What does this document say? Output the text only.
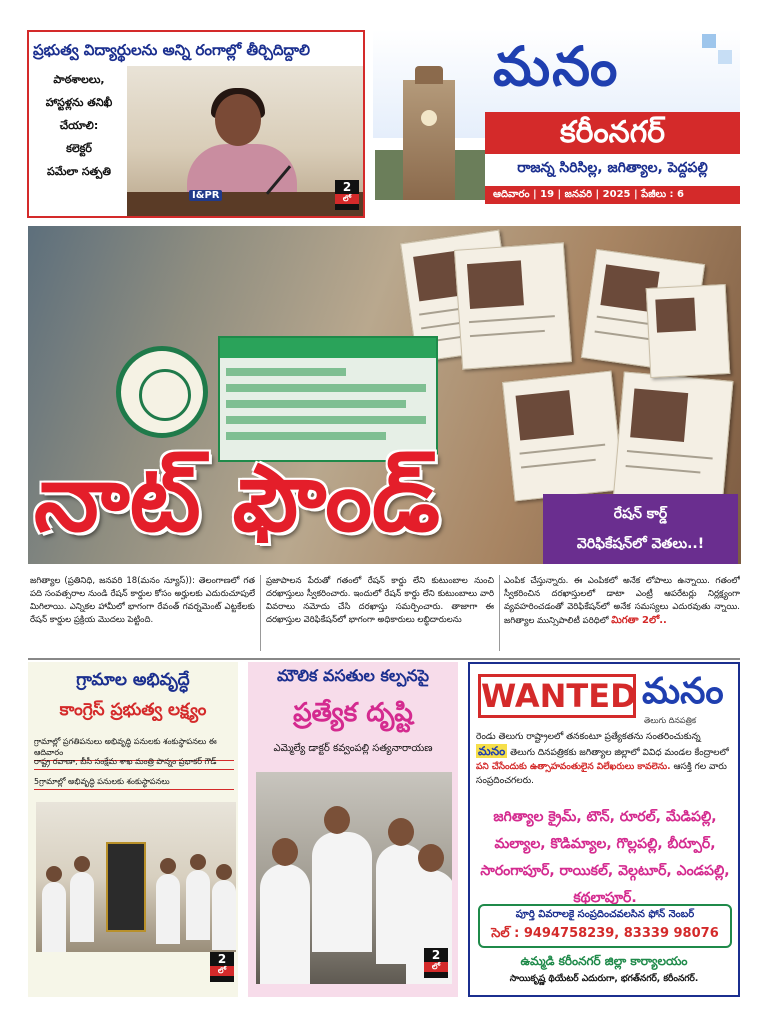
ప్రభుత్వ విద్యార్థులను అన్ని రంగాల్లో తీర్చిదిద్దాలి
పాఠశాలలు,
హాస్టళ్లను తనిఖీ
చేయాలి:
కలెక్టర్
పమేలా సత్పతి
I&PR
2
లో
మనం
కరీంనగర్
రాజన్న సిరిసిల్ల, జగిత్యాల, పెద్దపల్లి
ఆదివారం | 19 | జనవరి | 2025 | పేజీలు : 6
నాట్ ఫౌండ్	రేషన్ కార్డ్
వెరిఫికేషన్‌లో వెతలు..!
జగిత్యాల (ప్రతినిధి, జనవరి 18(మనం న్యూస్)): తెలంగాణలో గత పది సంవత్సరాల నుండి రేషన్ కార్డుల కోసం అర్హులకు ఎదురుచూపులే మిగిలాయి. ఎన్నికల హామీలో భాగంగా రేవంత్ గవర్నమెంట్ ఎట్టకేలకు రేషన్ కార్డుల ప్రక్రియ మొదలు పెట్టింది.
ప్రజాపాలన పేరుతో గతంలో రేషన్ కార్డు లేని కుటుంబాల నుంచి దరఖాస్తులు స్వీకరించారు. ఇందులో రేషన్ కార్డు లేని కుటుంబాలు వారి వివరాలు నమోదు చేసి దరఖాస్తు సమర్పించారు. తాజాగా ఈ దరఖాస్తుల వెరిఫికేషన్‌లో భాగంగా అధికారులు లబ్ధిదారులను
ఎంపిక చేస్తున్నారు. ఈ ఎంపికలో అనేక లోపాలు ఉన్నాయి. గతంలో స్వీకరించిన దరఖాస్తులలో డాటా ఎంట్రీ ఆపరేటర్లు నిర్లక్ష్యంగా వ్యవహరించడంతో వెరిఫికేషన్‌లో అనేక సమస్యలు ఎదురవుతు న్నాయి. జగిత్యాల మున్సిపాలిటీ పరిధిలో మిగతా 2లో..
గ్రామాల అభివృద్ధే
కాంగ్రెస్ ప్రభుత్వ లక్ష్యం
గ్రామాల్లో ప్రగతిపనులు అభివృద్ధి పనులకు శంకుస్థాపనలు ఈ ఆదివారం
రాష్ట్ర రవాణా, బీసీ సంక్షేమ శాఖ మంత్రి పొన్నం ప్రభాకర్ గౌడ్
5గ్రామాల్లో అభివృద్ధి పనులకు శంకుస్థాపనలు
2
లో
మౌలిక వసతుల కల్పనపై
ప్రత్యేక దృష్టి
ఎమ్మెల్యే డాక్టర్ కవ్వంపల్లి సత్యనారాయణ
2
లో
WANTED మనం
తెలుగు దినపత్రిక
రెండు తెలుగు రాష్ట్రాలలో తనకంటూ ప్రత్యేకతను సంతరించుకున్న మనం తెలుగు దినపత్రికకు జగిత్యాల జిల్లాలో వివిధ మండల కేంద్రాలలో పని చేసేందుకు ఉత్సాహవంతులైన విలేఖరులు కావలెను. ఆసక్తి గల వారు సంప్రదించగలరు.
జగిత్యాల క్రైమ్, టౌన్, రూరల్, మేడిపల్లి, మల్యాల, కొడిమ్యాల, గొల్లపల్లి, బీర్పూర్, సారంగాపూర్, రాయికల్, వెల్గటూర్, ఎండపల్లి, కథలాపూర్.
పూర్తి వివరాలకై సంప్రదించవలసిన ఫోన్ నెంబర్
సెల్ : 9494758239, 83339 98076
ఉమ్మడి కరీంనగర్ జిల్లా కార్యాలయం
సాయికృష్ణ థియేటర్ ఎదురుగా, భగత్‌నగర్, కరీంనగర్.
